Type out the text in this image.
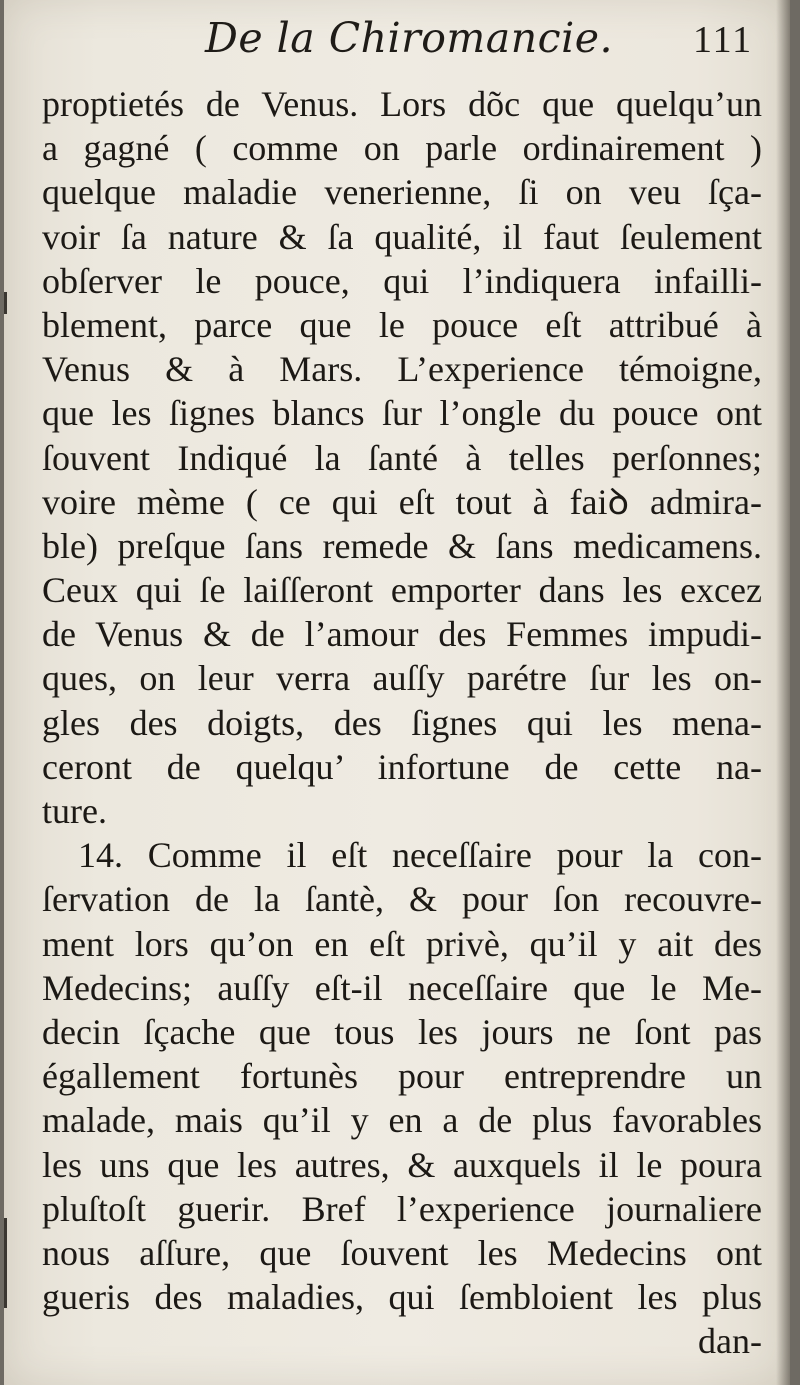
De la Chiromancie. 111
proptietés de Venus. Lors dõc que quelqu’un
a gagné ( comme on parle ordinairement )
quelque maladie venerienne, ſi on veu ſça-
voir ſa nature & ſa qualité, il faut ſeulement
obſerver le pouce, qui l’indiquera infailli-
blement, parce que le pouce eſt attribué à
Venus & à Mars. L’experience témoigne,
que les ſignes blancs ſur l’ongle du pouce ont
ſouvent Indiqué la ſanté à telles perſonnes;
voire mème ( ce qui eſt tout à faiꝺ admira-
ble) preſque ſans remede & ſans medicamens.
Ceux qui ſe laiſſeront emporter dans les excez
de Venus & de l’amour des Femmes impudi-
ques, on leur verra auſſy parétre ſur les on-
gles des doigts, des ſignes qui les mena-
ceront de quelqu’ infortune de cette na-
ture.
14. Comme il eſt neceſſaire pour la con-
ſervation de la ſantè, & pour ſon recouvre-
ment lors qu’on en eſt privè, qu’il y ait des
Medecins; auſſy eſt-il neceſſaire que le Me-
decin ſçache que tous les jours ne ſont pas
égallement fortunès pour entreprendre un
malade, mais qu’il y en a de plus favorables
les uns que les autres, & auxquels il le poura
pluſtoſt guerir. Bref l’experience journaliere
nous aſſure, que ſouvent les Medecins ont
gueris des maladies, qui ſembloient les plus
dan-
